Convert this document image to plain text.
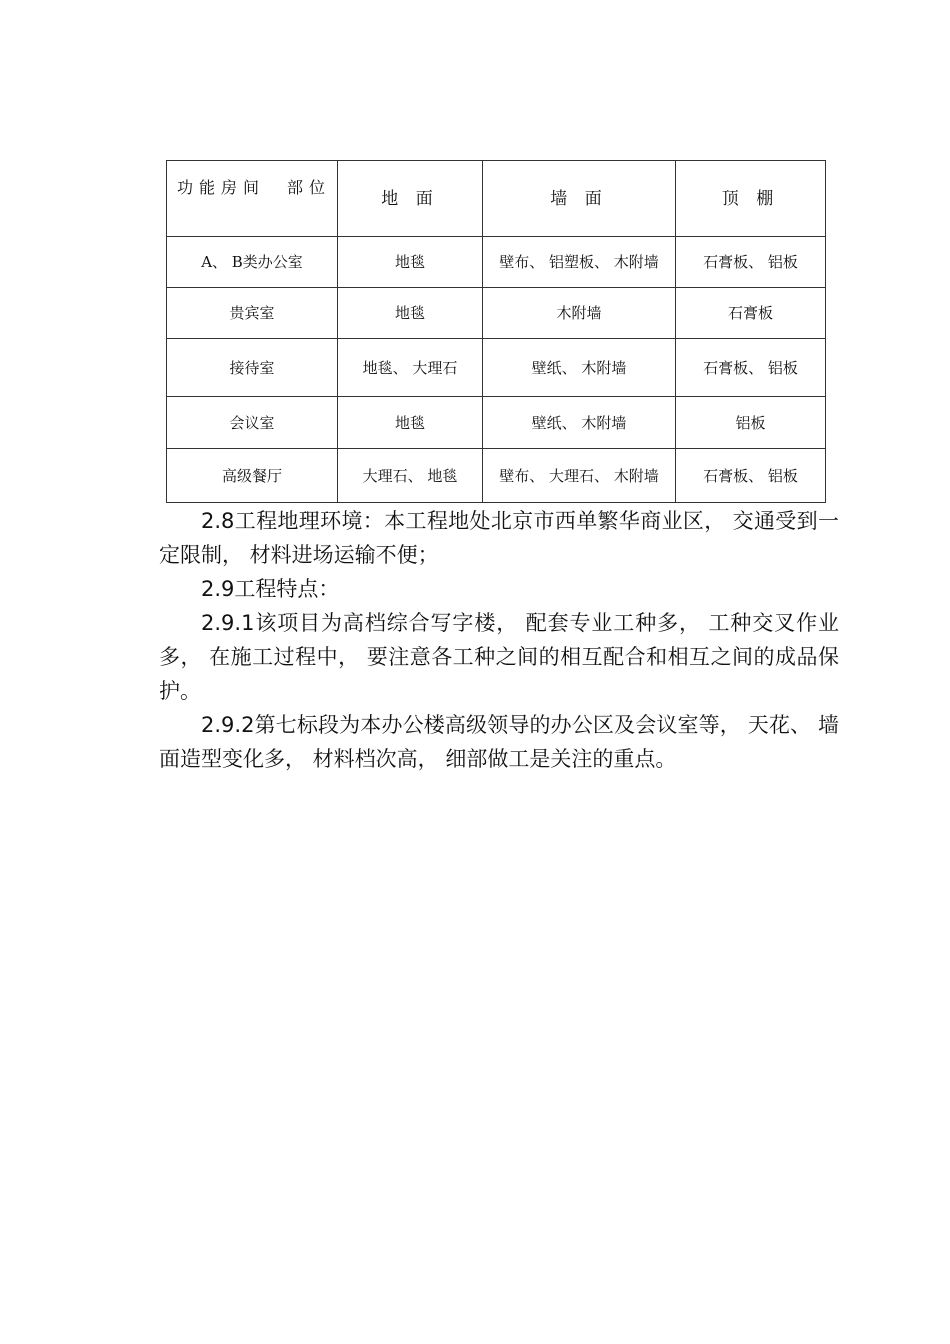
功能房间 部位	地 面	墙 面	顶 棚
A、 B类办公室	地毯	壁布、 铝塑板、 木附墙	石膏板、 铝板
贵宾室	地毯	木附墙	石膏板
接待室	地毯、 大理石	壁纸、 木附墙	石膏板、 铝板
会议室	地毯	壁纸、 木附墙	铝板
高级餐厅	大理石、 地毯	壁布、 大理石、 木附墙	石膏板、 铝板

2.8工程地理环境：本工程地处北京市西单繁华商业区， 交通受到一定限制， 材料进场运输不便；

2.9工程特点：

2.9.1该项目为高档综合写字楼， 配套专业工种多， 工种交叉作业多， 在施工过程中， 要注意各工种之间的相互配合和相互之间的成品保护。

2.9.2第七标段为本办公楼高级领导的办公区及会议室等， 天花、 墙面造型变化多， 材料档次高， 细部做工是关注的重点。
